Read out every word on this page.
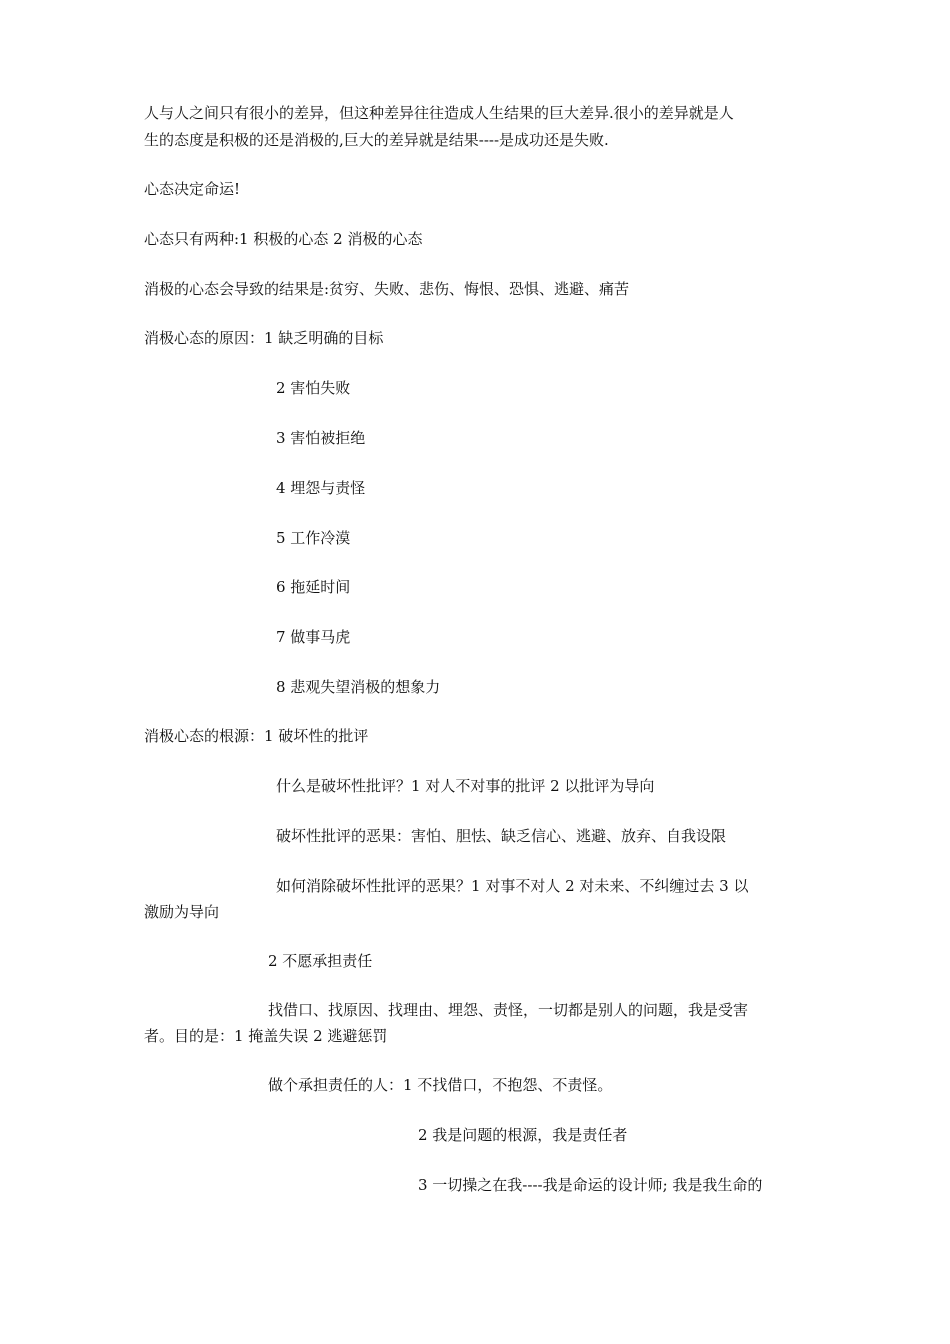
人与人之间只有很小的差异，但这种差异往往造成人生结果的巨大差异.很小的差异就是人
生的态度是积极的还是消极的,巨大的差异就是结果----是成功还是失败.
心态决定命运!
心态只有两种:1 积极的心态 2 消极的心态
消极的心态会导致的结果是:贫穷、失败、悲伤、悔恨、恐惧、逃避、痛苦
消极心态的原因：1 缺乏明确的目标
2 害怕失败
3 害怕被拒绝
4 埋怨与责怪
5 工作冷漠
6 拖延时间
7 做事马虎
8 悲观失望消极的想象力
消极心态的根源：1 破坏性的批评
什么是破坏性批评？1 对人不对事的批评 2 以批评为导向
破坏性批评的恶果：害怕、胆怯、缺乏信心、逃避、放弃、自我设限
如何消除破坏性批评的恶果？1 对事不对人 2 对未来、不纠缠过去 3 以
激励为导向
2 不愿承担责任
找借口、找原因、找理由、埋怨、责怪，一切都是别人的问题，我是受害
者。目的是：1 掩盖失误 2 逃避惩罚
做个承担责任的人：1 不找借口，不抱怨、不责怪。
2 我是问题的根源，我是责任者
3 一切操之在我----我是命运的设计师; 我是我生命的
